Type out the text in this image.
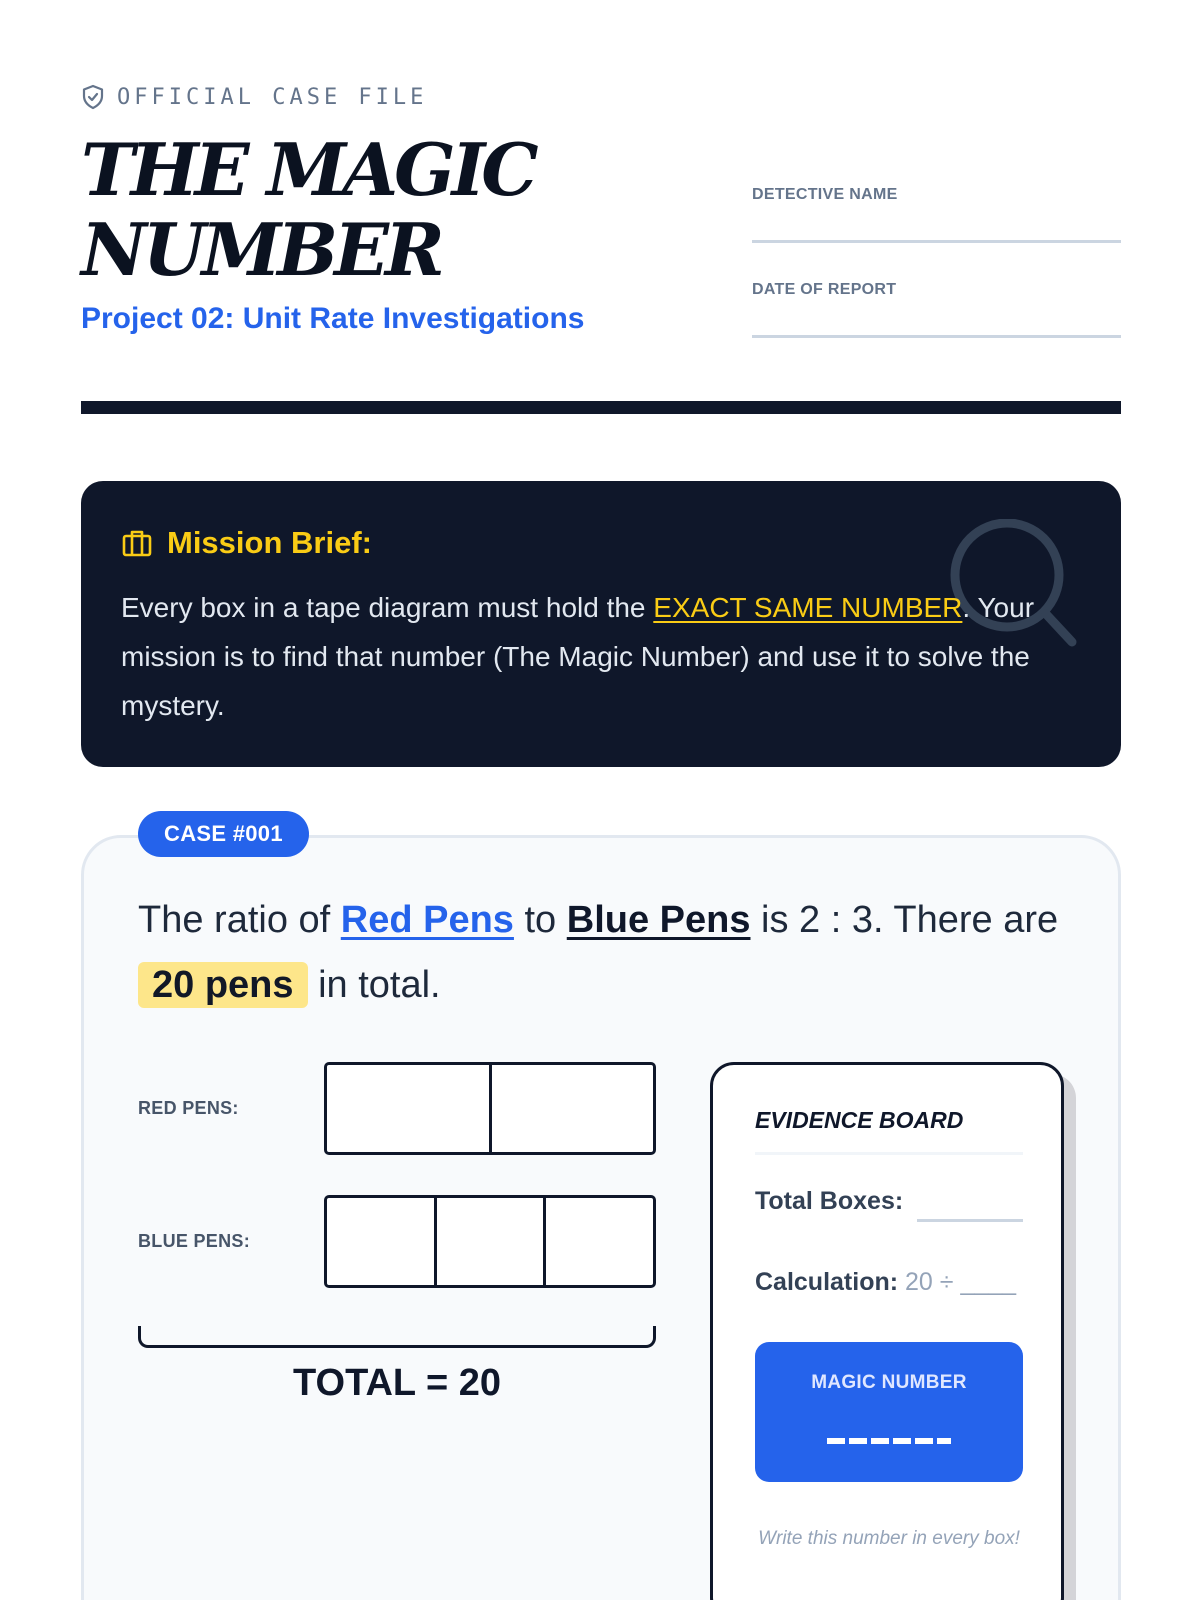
OFFICIAL CASE FILE
THE MAGIC
NUMBER
Project 02: Unit Rate Investigations
DETECTIVE NAME
DATE OF REPORT
Mission Brief:
Every box in a tape diagram must hold the EXACT SAME NUMBER. Your mission is to find that number (The Magic Number) and use it to solve the mystery.
CASE #001
The ratio of Red Pens to Blue Pens is 2 : 3. There are 20 pens in total.
RED PENS:
BLUE PENS:
TOTAL = 20
EVIDENCE BOARD
Total Boxes:
Calculation: 20 ÷ ____
MAGIC NUMBER
Write this number in every box!
